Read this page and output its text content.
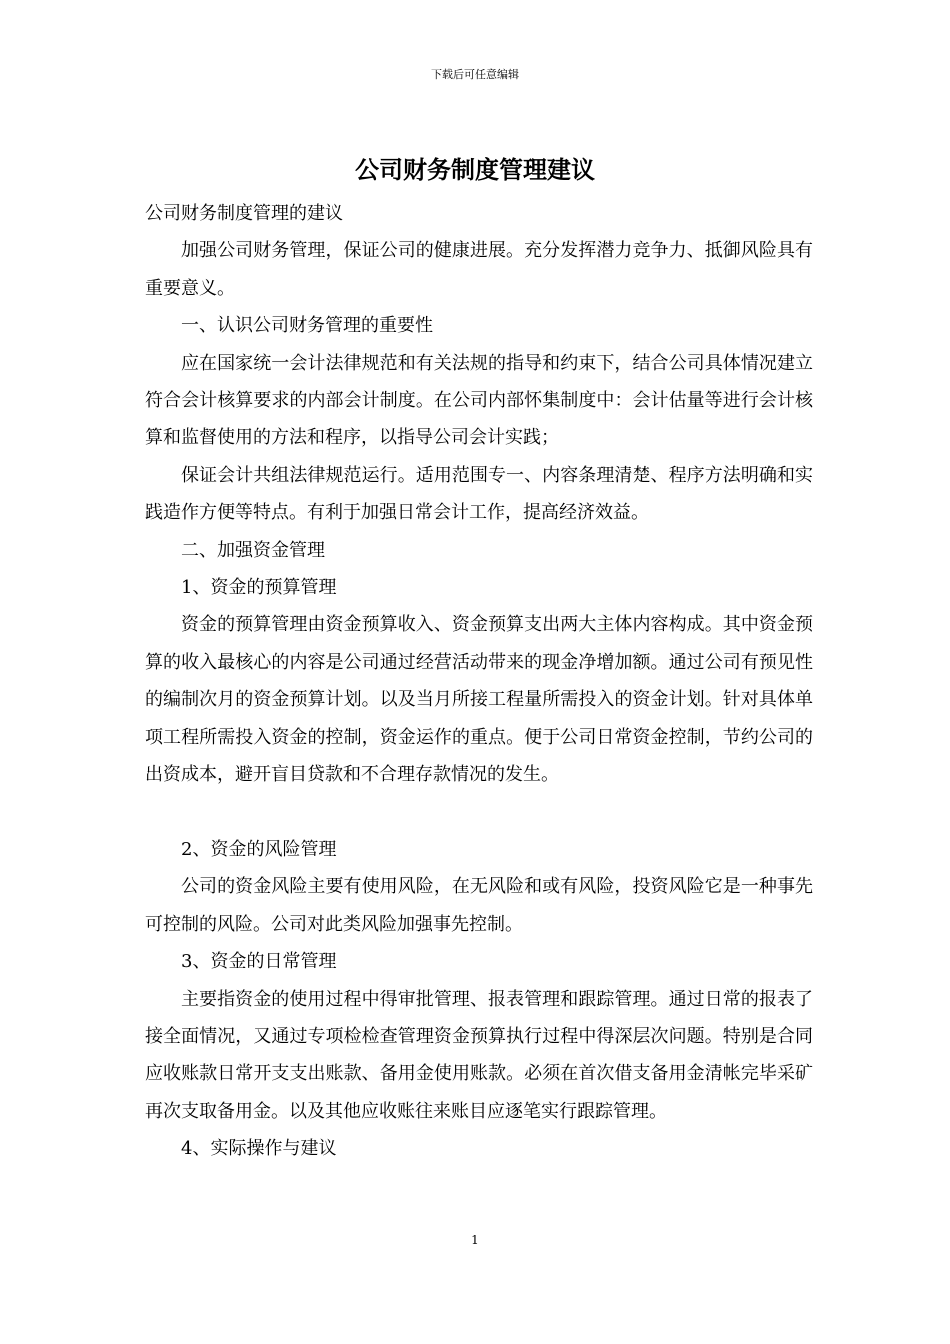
下载后可任意编辑
公司财务制度管理建议

公司财务制度管理的建议

加强公司财务管理，保证公司的健康进展。充分发挥潜力竞争力、抵御风险具有重要意义。

一、认识公司财务管理的重要性

应在国家统一会计法律规范和有关法规的指导和约束下，结合公司具体情况建立符合会计核算要求的内部会计制度。在公司内部怀集制度中：会计估量等进行会计核算和监督使用的方法和程序，以指导公司会计实践；

保证会计共组法律规范运行。适用范围专一、内容条理清楚、程序方法明确和实践造作方便等特点。有利于加强日常会计工作，提高经济效益。

二、加强资金管理

1、资金的预算管理

资金的预算管理由资金预算收入、资金预算支出两大主体内容构成。其中资金预算的收入最核心的内容是公司通过经营活动带来的现金净增加额。通过公司有预见性的编制次月的资金预算计划。以及当月所接工程量所需投入的资金计划。针对具体单项工程所需投入资金的控制，资金运作的重点。便于公司日常资金控制，节约公司的出资成本，避开盲目贷款和不合理存款情况的发生。

2、资金的风险管理

公司的资金风险主要有使用风险，在无风险和或有风险，投资风险它是一种事先可控制的风险。公司对此类风险加强事先控制。

3、资金的日常管理

主要指资金的使用过程中得审批管理、报表管理和跟踪管理。通过日常的报表了接全面情况，又通过专项检检查管理资金预算执行过程中得深层次问题。特别是合同应收账款日常开支支出账款、备用金使用账款。必须在首次借支备用金清帐完毕采矿再次支取备用金。以及其他应收账往来账目应逐笔实行跟踪管理。

4、实际操作与建议

1
